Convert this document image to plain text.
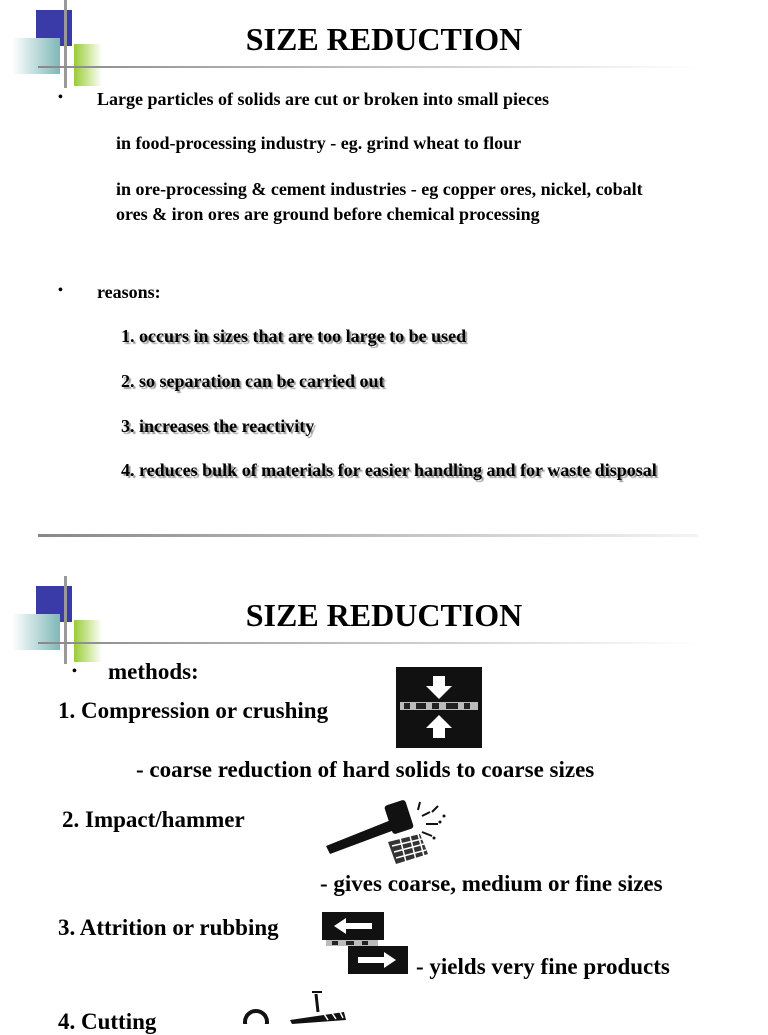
SIZE REDUCTION
• Large particles of solids are cut or broken into small pieces
in food-processing industry - eg. grind wheat to flour
in ore-processing & cement industries - eg copper ores, nickel, cobalt
ores & iron ores are ground before chemical processing
• reasons:
1. occurs in sizes that are too large to be used
2. so separation can be carried out
3. increases the reactivity
4. reduces bulk of materials for easier handling and for waste disposal
SIZE REDUCTION
• methods:
1. Compression or crushing
- coarse reduction of hard solids to coarse sizes
2. Impact/hammer
- gives coarse, medium or fine sizes
3. Attrition or rubbing
- yields very fine products
4. Cutting
